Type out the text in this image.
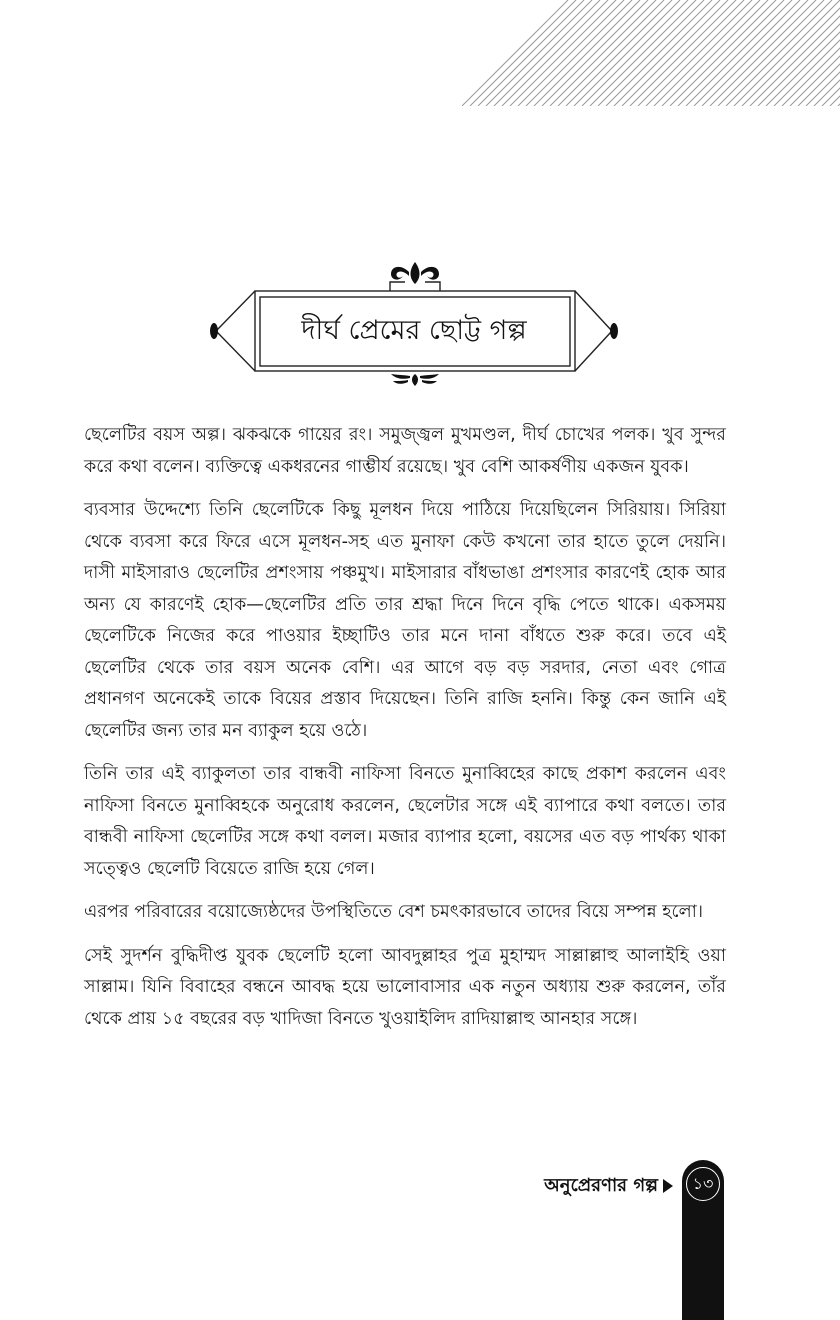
দীর্ঘ প্রেমের ছোট্ট গল্প

ছেলেটির বয়স অল্প। ঝকঝকে গায়ের রং। সমুজ্জ্বল মুখমণ্ডল, দীর্ঘ চোখের পলক। খুব সুন্দর করে কথা বলেন। ব্যক্তিত্বে একধরনের গাম্ভীর্য রয়েছে। খুব বেশি আকর্ষণীয় একজন যুবক।

ব্যবসার উদ্দেশ্যে তিনি ছেলেটিকে কিছু মূলধন দিয়ে পাঠিয়ে দিয়েছিলেন সিরিয়ায়। সিরিয়া থেকে ব্যবসা করে ফিরে এসে মূলধন-সহ এত মুনাফা কেউ কখনো তার হাতে তুলে দেয়নি। দাসী মাইসারাও ছেলেটির প্রশংসায় পঞ্চমুখ। মাইসারার বাঁধভাঙা প্রশংসার কারণেই হোক আর অন্য যে কারণেই হোক—ছেলেটির প্রতি তার শ্রদ্ধা দিনে দিনে বৃদ্ধি পেতে থাকে। একসময় ছেলেটিকে নিজের করে পাওয়ার ইচ্ছাটিও তার মনে দানা বাঁধতে শুরু করে। তবে এই ছেলেটির থেকে তার বয়স অনেক বেশি। এর আগে বড় বড় সরদার, নেতা এবং গোত্র প্রধানগণ অনেকেই তাকে বিয়ের প্রস্তাব দিয়েছেন। তিনি রাজি হননি। কিন্তু কেন জানি এই ছেলেটির জন্য তার মন ব্যাকুল হয়ে ওঠে।

তিনি তার এই ব্যাকুলতা তার বান্ধবী নাফিসা বিনতে মুনাব্বিহের কাছে প্রকাশ করলেন এবং নাফিসা বিনতে মুনাব্বিহকে অনুরোধ করলেন, ছেলেটার সঙ্গে এই ব্যাপারে কথা বলতে। তার বান্ধবী নাফিসা ছেলেটির সঙ্গে কথা বলল। মজার ব্যাপার হলো, বয়সের এত বড় পার্থক্য থাকা সত্ত্বেও ছেলেটি বিয়েতে রাজি হয়ে গেল।

এরপর পরিবারের বয়োজ্যেষ্ঠদের উপস্থিতিতে বেশ চমৎকারভাবে তাদের বিয়ে সম্পন্ন হলো।

সেই সুদর্শন বুদ্ধিদীপ্ত যুবক ছেলেটি হলো আবদুল্লাহর পুত্র মুহাম্মদ সাল্লাল্লাহু আলাইহি ওয়া সাল্লাম। যিনি বিবাহের বন্ধনে আবদ্ধ হয়ে ভালোবাসার এক নতুন অধ্যায় শুরু করলেন, তাঁর থেকে প্রায় ১৫ বছরের বড় খাদিজা বিনতে খুওয়াইলিদ রাদিয়াল্লাহু আনহার সঙ্গে।

অনুপ্রেরণার গল্প	১৩
